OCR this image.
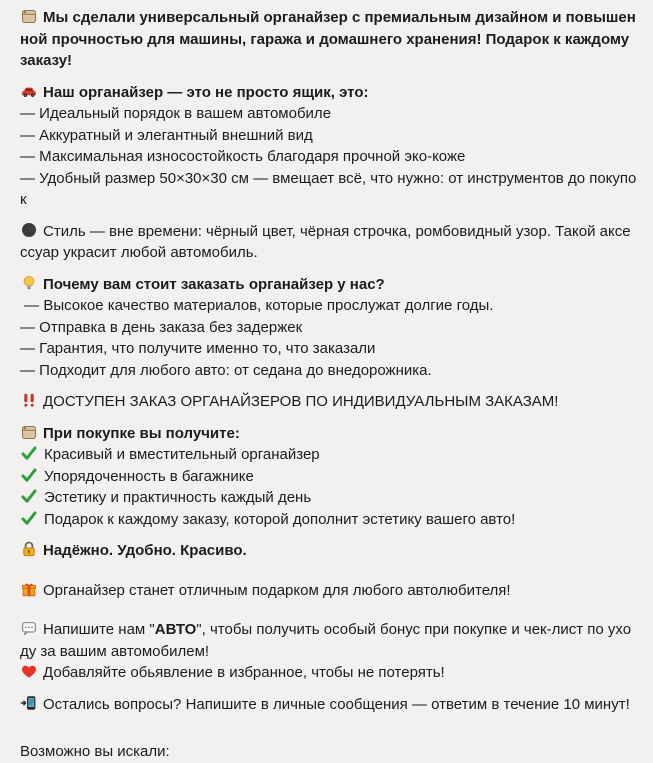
Мы сделали универсальный органайзер с премиальным дизайном и повышенной прочностью для машины, гаража и домашнего хранения! Подарок к каждому заказу!

Наш органайзер — это не просто ящик, это:

— Идеальный порядок в вашем автомобиле

— Аккуратный и элегантный внешний вид

— Максимальная износостойкость благодаря прочной эко-коже

— Удобный размер 50×30×30 см — вмещает всё, что нужно: от инструментов до покупок

Стиль — вне времени: чёрный цвет, чёрная строчка, ромбовидный узор. Такой аксессуар украсит любой автомобиль.

Почему вам стоит заказать органайзер у нас?

— Высокое качество материалов, которые прослужат долгие годы.

— Отправка в день заказа без задержек

— Гарантия, что получите именно то, что заказали

— Подходит для любого авто: от седана до внедорожника.

ДОСТУПЕН ЗАКАЗ ОРГАНАЙЗЕРОВ ПО ИНДИВИДУАЛЬНЫМ ЗАКАЗАМ!

При покупке вы получите:

Красивый и вместительный органайзер

Упорядоченность в багажнике

Эстетику и практичность каждый день

Подарок к каждому заказу, которой дополнит эстетику вашего авто!

Надёжно. Удобно. Красиво.

Органайзер станет отличным подарком для любого автолюбителя!

Напишите нам "АВТО", чтобы получить особый бонус при покупке и чек-лист по уходу за вашим автомобилем!

Добавляйте обьявление в избранное, чтобы не потерять!

Остались вопросы? Напишите в личные сообщения — ответим в течение 10 минут!

Возможно вы искали:
